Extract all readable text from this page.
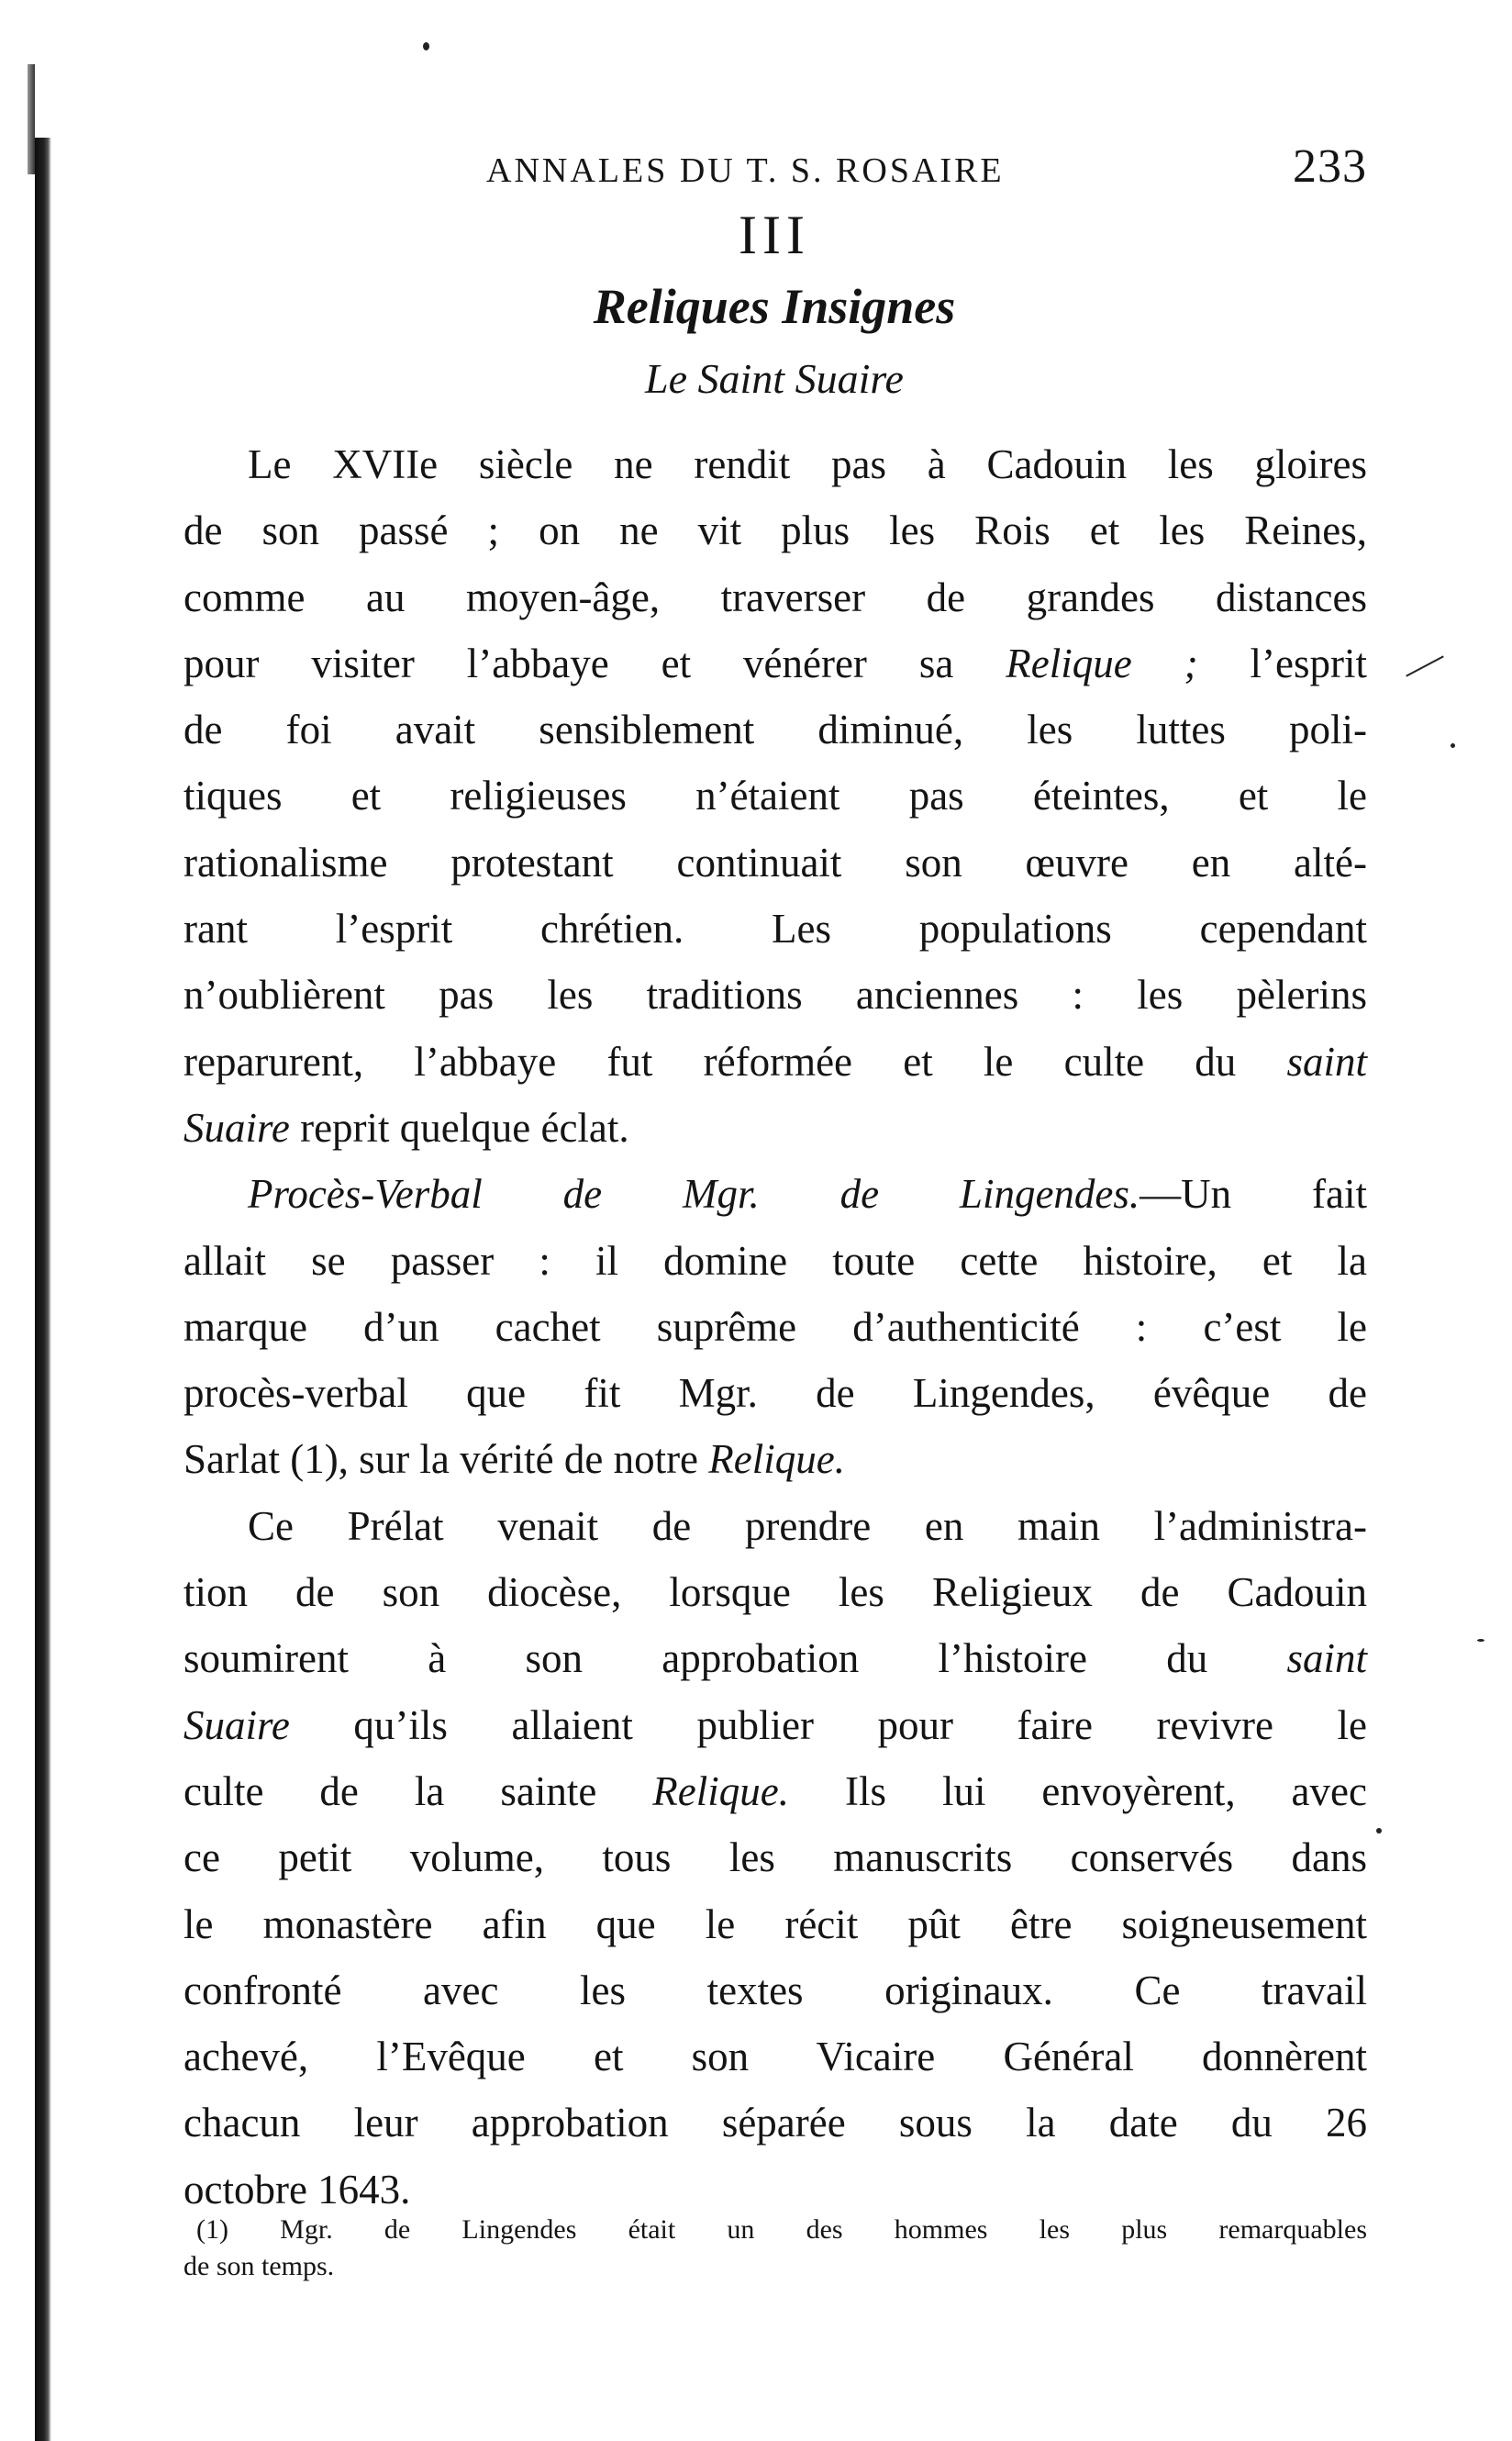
ANNALES DU T. S. ROSAIRE	233
III
Reliques Insignes
Le Saint Suaire
Le XVIIe siècle ne rendit pas à Cadouin les gloires
de son passé ; on ne vit plus les Rois et les Reines,
comme au moyen-âge, traverser de grandes distances
pour visiter l’abbaye et vénérer sa Relique ; l’esprit
de foi avait sensiblement diminué, les luttes poli-
tiques et religieuses n’étaient pas éteintes, et le
rationalisme protestant continuait son œuvre en alté-
rant l’esprit chrétien. Les populations cependant
n’oublièrent pas les traditions anciennes : les pèlerins
reparurent, l’abbaye fut réformée et le culte du saint
Suaire reprit quelque éclat.
Procès-Verbal de Mgr. de Lingendes.—Un fait
allait se passer : il domine toute cette histoire, et la
marque d’un cachet suprême d’authenticité : c’est le
procès-verbal que fit Mgr. de Lingendes, évêque de
Sarlat (1), sur la vérité de notre Relique.
Ce Prélat venait de prendre en main l’administra-
tion de son diocèse, lorsque les Religieux de Cadouin
soumirent à son approbation l’histoire du saint
Suaire qu’ils allaient publier pour faire revivre le
culte de la sainte Relique. Ils lui envoyèrent, avec
ce petit volume, tous les manuscrits conservés dans
le monastère afin que le récit pût être soigneusement
confronté avec les textes originaux. Ce travail
achevé, l’Evêque et son Vicaire Général donnèrent
chacun leur approbation séparée sous la date du 26
octobre 1643.
(1) Mgr. de Lingendes était un des hommes les plus remarquables
de son temps.
